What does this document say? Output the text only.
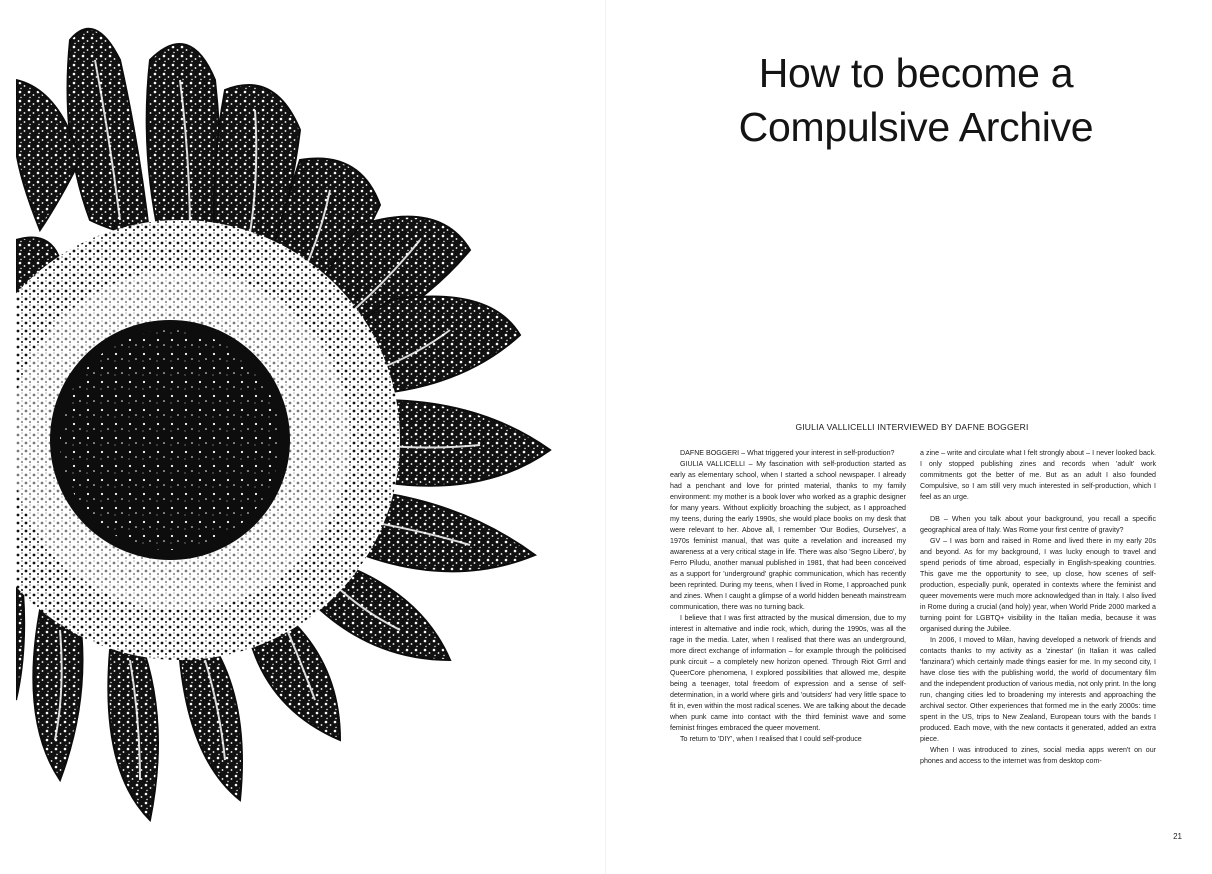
How to become a
Compulsive Archive
GIULIA VALLICELLI INTERVIEWED BY DAFNE BOGGERI

DAFNE BOGGERI – What triggered your interest in self-production?

GIULIA VALLICELLI – My fascination with self-production started as early as elementary school, when I started a school newspaper. I already had a penchant and love for printed material, thanks to my family environment: my mother is a book lover who worked as a graphic designer for many years. Without explicitly broaching the subject, as I approached my teens, during the early 1990s, she would place books on my desk that were relevant to her. Above all, I remember 'Our Bodies, Ourselves', a 1970s feminist manual, that was quite a revelation and increased my awareness at a very critical stage in life. There was also 'Segno Libero', by Ferro Piludu, another manual published in 1981, that had been conceived as a support for 'underground' graphic communication, which has recently been reprinted. During my teens, when I lived in Rome, I approached punk and zines. When I caught a glimpse of a world hidden beneath mainstream communication, there was no turning back.

I believe that I was first attracted by the musical dimension, due to my interest in alternative and indie rock, which, during the 1990s, was all the rage in the media. Later, when I realised that there was an underground, more direct exchange of information – for example through the politicised punk circuit – a completely new horizon opened. Through Riot Grrrl and QueerCore phenomena, I explored possibilities that allowed me, despite being a teenager, total freedom of expression and a sense of self-determination, in a world where girls and 'outsiders' had very little space to fit in, even within the most radical scenes. We are talking about the decade when punk came into contact with the third feminist wave and some feminist fringes embraced the queer movement.

To return to 'DIY', when I realised that I could self-produce

a zine – write and circulate what I felt strongly about – I never looked back. I only stopped publishing zines and records when 'adult' work commitments got the better of me. But as an adult I also founded Compulsive, so I am still very much interested in self-production, which I feel as an urge.

DB – When you talk about your background, you recall a specific geographical area of Italy. Was Rome your first centre of gravity?

GV – I was born and raised in Rome and lived there in my early 20s and beyond. As for my background, I was lucky enough to travel and spend periods of time abroad, especially in English-speaking countries. This gave me the opportunity to see, up close, how scenes of self-production, especially punk, operated in contexts where the feminist and queer movements were much more acknowledged than in Italy. I also lived in Rome during a crucial (and holy) year, when World Pride 2000 marked a turning point for LGBTQ+ visibility in the Italian media, because it was organised during the Jubilee.

In 2006, I moved to Milan, having developed a network of friends and contacts thanks to my activity as a 'zinestar' (in Italian it was called 'fanzinara') which certainly made things easier for me. In my second city, I have close ties with the publishing world, the world of documentary film and the independent production of various media, not only print. In the long run, changing cities led to broadening my interests and approaching the archival sector. Other experiences that formed me in the early 2000s: time spent in the US, trips to New Zealand, European tours with the bands I produced. Each move, with the new contacts it generated, added an extra piece.

When I was introduced to zines, social media apps weren't on our phones and access to the internet was from desktop com-

21
